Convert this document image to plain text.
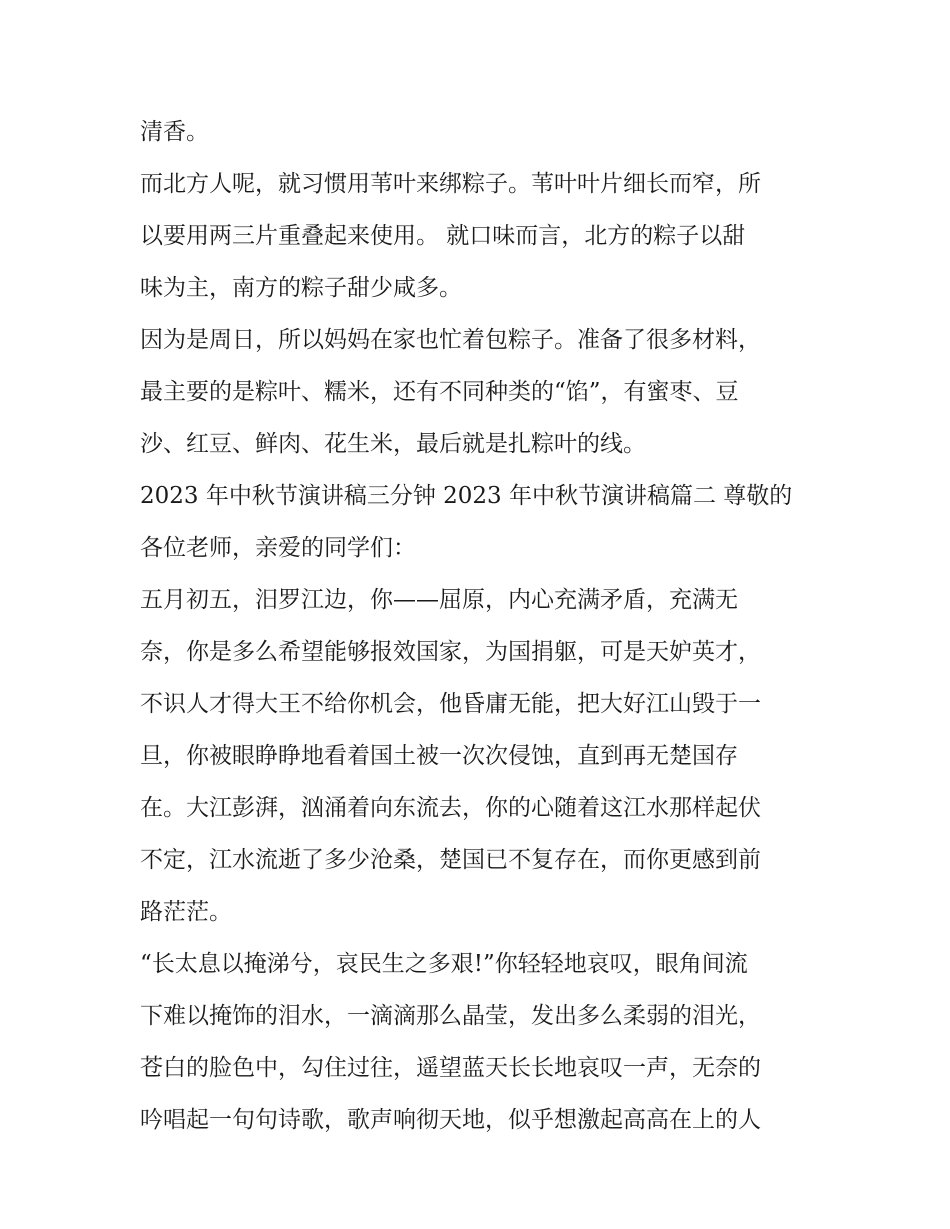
清香。
而北方人呢，就习惯用苇叶来绑粽子。苇叶叶片细长而窄，所
以要用两三片重叠起来使用。 就口味而言，北方的粽子以甜
味为主，南方的粽子甜少咸多。
因为是周日，所以妈妈在家也忙着包粽子。准备了很多材料，
最主要的是粽叶、糯米，还有不同种类的“馅”，有蜜枣、豆
沙、红豆、鲜肉、花生米，最后就是扎粽叶的线。
2023 年中秋节演讲稿三分钟 2023 年中秋节演讲稿篇二 尊敬的
各位老师，亲爱的同学们：
五月初五，汨罗江边，你——屈原，内心充满矛盾，充满无
奈，你是多么希望能够报效国家，为国捐躯，可是天妒英才，
不识人才得大王不给你机会，他昏庸无能，把大好江山毁于一
旦，你被眼睁睁地看着国土被一次次侵蚀，直到再无楚国存
在。大江彭湃，汹涌着向东流去，你的心随着这江水那样起伏
不定，江水流逝了多少沧桑，楚国已不复存在，而你更感到前
路茫茫。
“长太息以掩涕兮，哀民生之多艰!”你轻轻地哀叹，眼角间流
下难以掩饰的泪水，一滴滴那么晶莹，发出多么柔弱的泪光，
苍白的脸色中，勾住过往，遥望蓝天长长地哀叹一声，无奈的
吟唱起一句句诗歌，歌声响彻天地，似乎想激起高高在上的人
